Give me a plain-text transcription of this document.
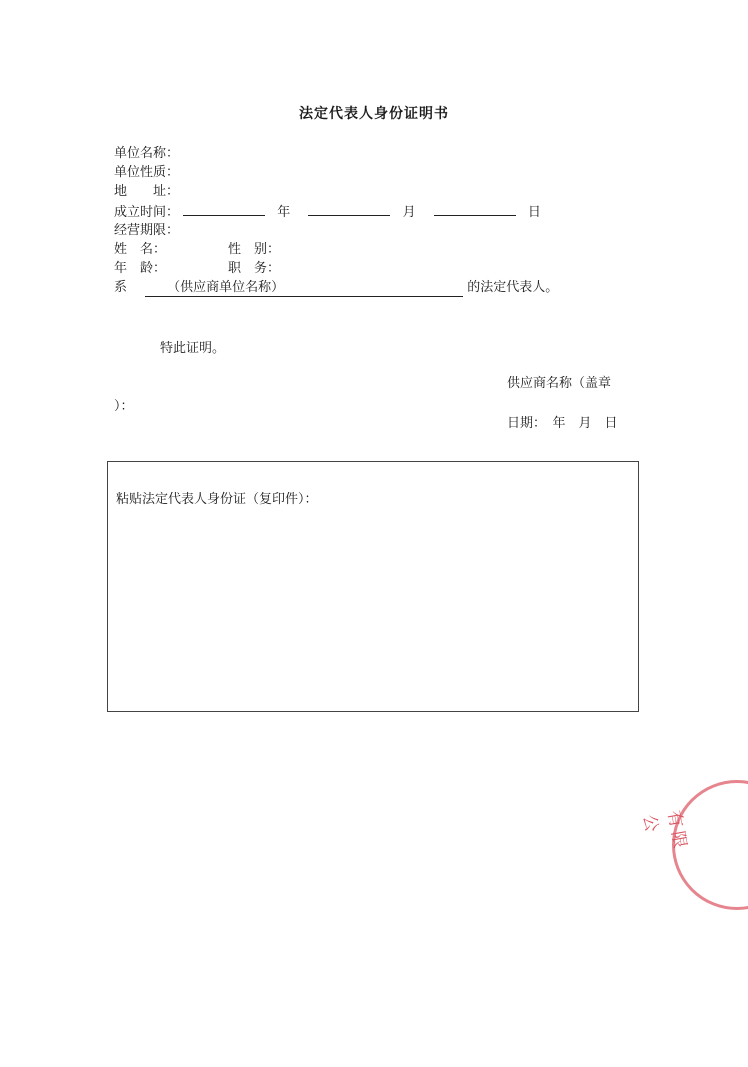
法定代表人身份证明书
单位名称：
单位性质：
地　　址：
成立时间：	年	月	日
经营期限：
姓　名：	性　别：
年　龄：	职　务：
系	（供应商单位名称）	的法定代表人。
特此证明。
供应商名称（盖章
）：
日期：　年　月　日
粘贴法定代表人身份证（复印件）：
有限公
